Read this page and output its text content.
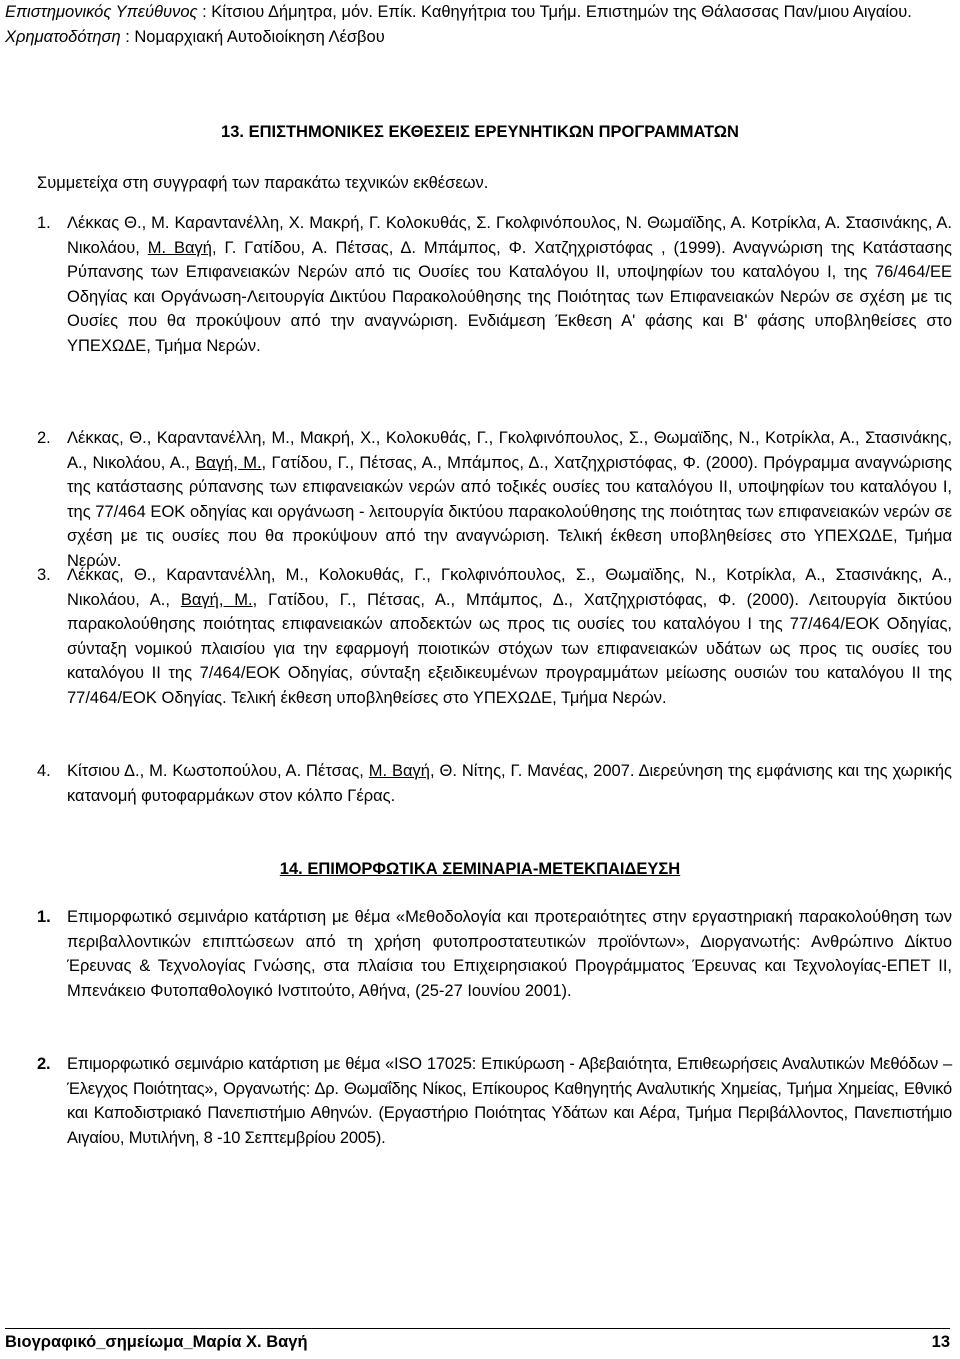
Επιστημονικός Υπεύθυνος : Κίτσιου Δήμητρα, μόν. Επίκ. Καθηγήτρια του Τμήμ. Επιστημών της Θάλασσας Παν/μιου Αιγαίου.
Χρηματοδότηση : Νομαρχιακή Αυτοδιοίκηση Λέσβου
13. ΕΠΙΣΤΗΜΟΝΙΚΕΣ ΕΚΘΕΣΕΙΣ ΕΡΕΥΝΗΤΙΚΩΝ ΠΡΟΓΡΑΜΜΑΤΩΝ
Συμμετείχα στη συγγραφή των παρακάτω τεχνικών εκθέσεων.
1. Λέκκας Θ., Μ. Καραντανέλλη, Χ. Μακρή, Γ. Κολοκυθάς, Σ. Γκολφινόπουλος, Ν. Θωμαϊδης, Α. Κοτρίκλα, Α. Στασινάκης, Α. Νικολάου, Μ. Βαγή, Γ. Γατίδου, Α. Πέτσας, Δ. Μπάμπος, Φ. Χατζηχριστόφας , (1999). Αναγνώριση της Κατάστασης Ρύπανσης των Επιφανειακών Νερών από τις Ουσίες του Καταλόγου ΙΙ, υποψηφίων του καταλόγου Ι, της 76/464/ΕΕ Οδηγίας και Οργάνωση-Λειτουργία Δικτύου Παρακολούθησης της Ποιότητας των Επιφανειακών Νερών σε σχέση με τις Ουσίες που θα προκύψουν από την αναγνώριση. Ενδιάμεση Έκθεση Α' φάσης και Β' φάσης υποβληθείσες στο ΥΠΕΧΩΔΕ, Τμήμα Νερών.
2. Λέκκας, Θ., Καραντανέλλη, Μ., Μακρή, Χ., Κολοκυθάς, Γ., Γκολφινόπουλος, Σ., Θωμαϊδης, Ν., Κοτρίκλα, Α., Στασινάκης, Α., Νικολάου, Α., Βαγή, Μ., Γατίδου, Γ., Πέτσας, Α., Μπάμπος, Δ., Χατζηχριστόφας, Φ. (2000). Πρόγραμμα αναγνώρισης της κατάστασης ρύπανσης των επιφανειακών νερών από τοξικές ουσίες του καταλόγου ΙΙ, υποψηφίων του καταλόγου Ι, της 77/464 ΕΟΚ οδηγίας και οργάνωση - λειτουργία δικτύου παρακολούθησης της ποιότητας των επιφανειακών νερών σε σχέση με τις ουσίες που θα προκύψουν από την αναγνώριση. Τελική έκθεση υποβληθείσες στο ΥΠΕΧΩΔΕ, Τμήμα Νερών.
3. Λέκκας, Θ., Καραντανέλλη, Μ., Κολοκυθάς, Γ., Γκολφινόπουλος, Σ., Θωμαϊδης, Ν., Κοτρίκλα, Α., Στασινάκης, Α., Νικολάου, Α., Βαγή, Μ., Γατίδου, Γ., Πέτσας, Α., Μπάμπος, Δ., Χατζηχριστόφας, Φ. (2000). Λειτουργία δικτύου παρακολούθησης ποιότητας επιφανειακών αποδεκτών ως προς τις ουσίες του καταλόγου Ι της 77/464/ΕΟΚ Οδηγίας, σύνταξη νομικού πλαισίου για την εφαρμογή ποιοτικών στόχων των επιφανειακών υδάτων ως προς τις ουσίες του καταλόγου ΙΙ της 7/464/ΕΟΚ Οδηγίας, σύνταξη εξειδικευμένων προγραμμάτων μείωσης ουσιών του καταλόγου ΙΙ της 77/464/ΕΟΚ Οδηγίας. Τελική έκθεση υποβληθείσες στο ΥΠΕΧΩΔΕ, Τμήμα Νερών.
4. Κίτσιου Δ., Μ. Κωστοπούλου, Α. Πέτσας, Μ. Βαγή, Θ. Νίτης, Γ. Μανέας, 2007. Διερεύνηση της εμφάνισης και της χωρικής κατανομή φυτοφαρμάκων στον κόλπο Γέρας.
14. ΕΠΙΜΟΡΦΩΤΙΚΑ ΣΕΜΙΝΑΡΙΑ-ΜΕΤΕΚΠΑΙΔΕΥΣΗ
1. Επιμορφωτικό σεμινάριο κατάρτιση με θέμα «Μεθοδολογία και προτεραιότητες στην εργαστηριακή παρακολούθηση των περιβαλλοντικών επιπτώσεων από τη χρήση φυτοπροστατευτικών προϊόντων», Διοργανωτής: Ανθρώπινο Δίκτυο Έρευνας & Τεχνολογίας Γνώσης, στα πλαίσια του Επιχειρησιακού Προγράμματος Έρευνας και Τεχνολογίας-ΕΠΕΤ ΙΙ, Μπενάκειο Φυτοπαθολογικό Ινστιτούτο, Αθήνα, (25-27 Ιουνίου 2001).
2. Επιμορφωτικό σεμινάριο κατάρτιση με θέμα «ISO 17025: Επικύρωση - Αβεβαιότητα, Επιθεωρήσεις Αναλυτικών Μεθόδων – Έλεγχος Ποιότητας», Οργανωτής: Δρ. Θωμαΐδης Νίκος, Επίκουρος Καθηγητής Αναλυτικής Χημείας, Τμήμα Χημείας, Εθνικό και Καποδιστριακό Πανεπιστήμιο Αθηνών. (Εργαστήριο Ποιότητας Υδάτων και Αέρα, Τμήμα Περιβάλλοντος, Πανεπιστήμιο Αιγαίου, Μυτιλήνη, 8 -10 Σεπτεμβρίου 2005).
Βιογραφικό_σημείωμα_Μαρία Χ. Βαγή	13
